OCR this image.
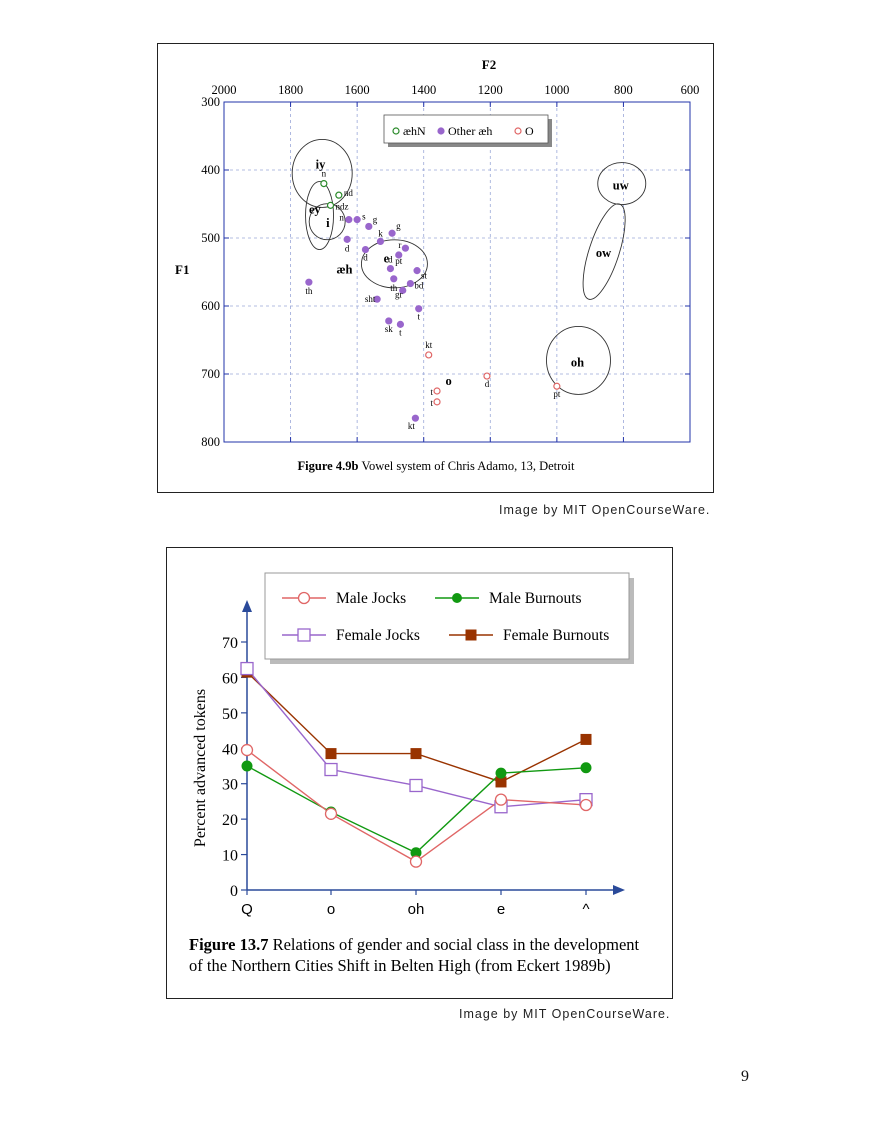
2000	1800	1600	1400	1200	1000	800	600
300
400
500
600
700
800
F2
F1
iy
ey
i
æh
e
o
uw
ow
oh
n
nd
ndz
n s g
g
k
d
d
r
pt
d
st
th bd
gr
th
sht
t
sk t
kt
kt
d
pt
t
t
æhN Other æh	O
Figure 4.9b Vowel system of Chris Adamo, 13, Detroit
Image by MIT OpenCourseWare.
0
10
20
30
40
50
60
70
Q	o	oh	e	^
Percent advanced tokens
Male Jocks	Male Burnouts
Female Jocks	Female Burnouts
Figure 13.7 Relations of gender and social class in the development
of the Northern Cities Shift in Belten High (from Eckert 1989b)
Image by MIT OpenCourseWare.
9
